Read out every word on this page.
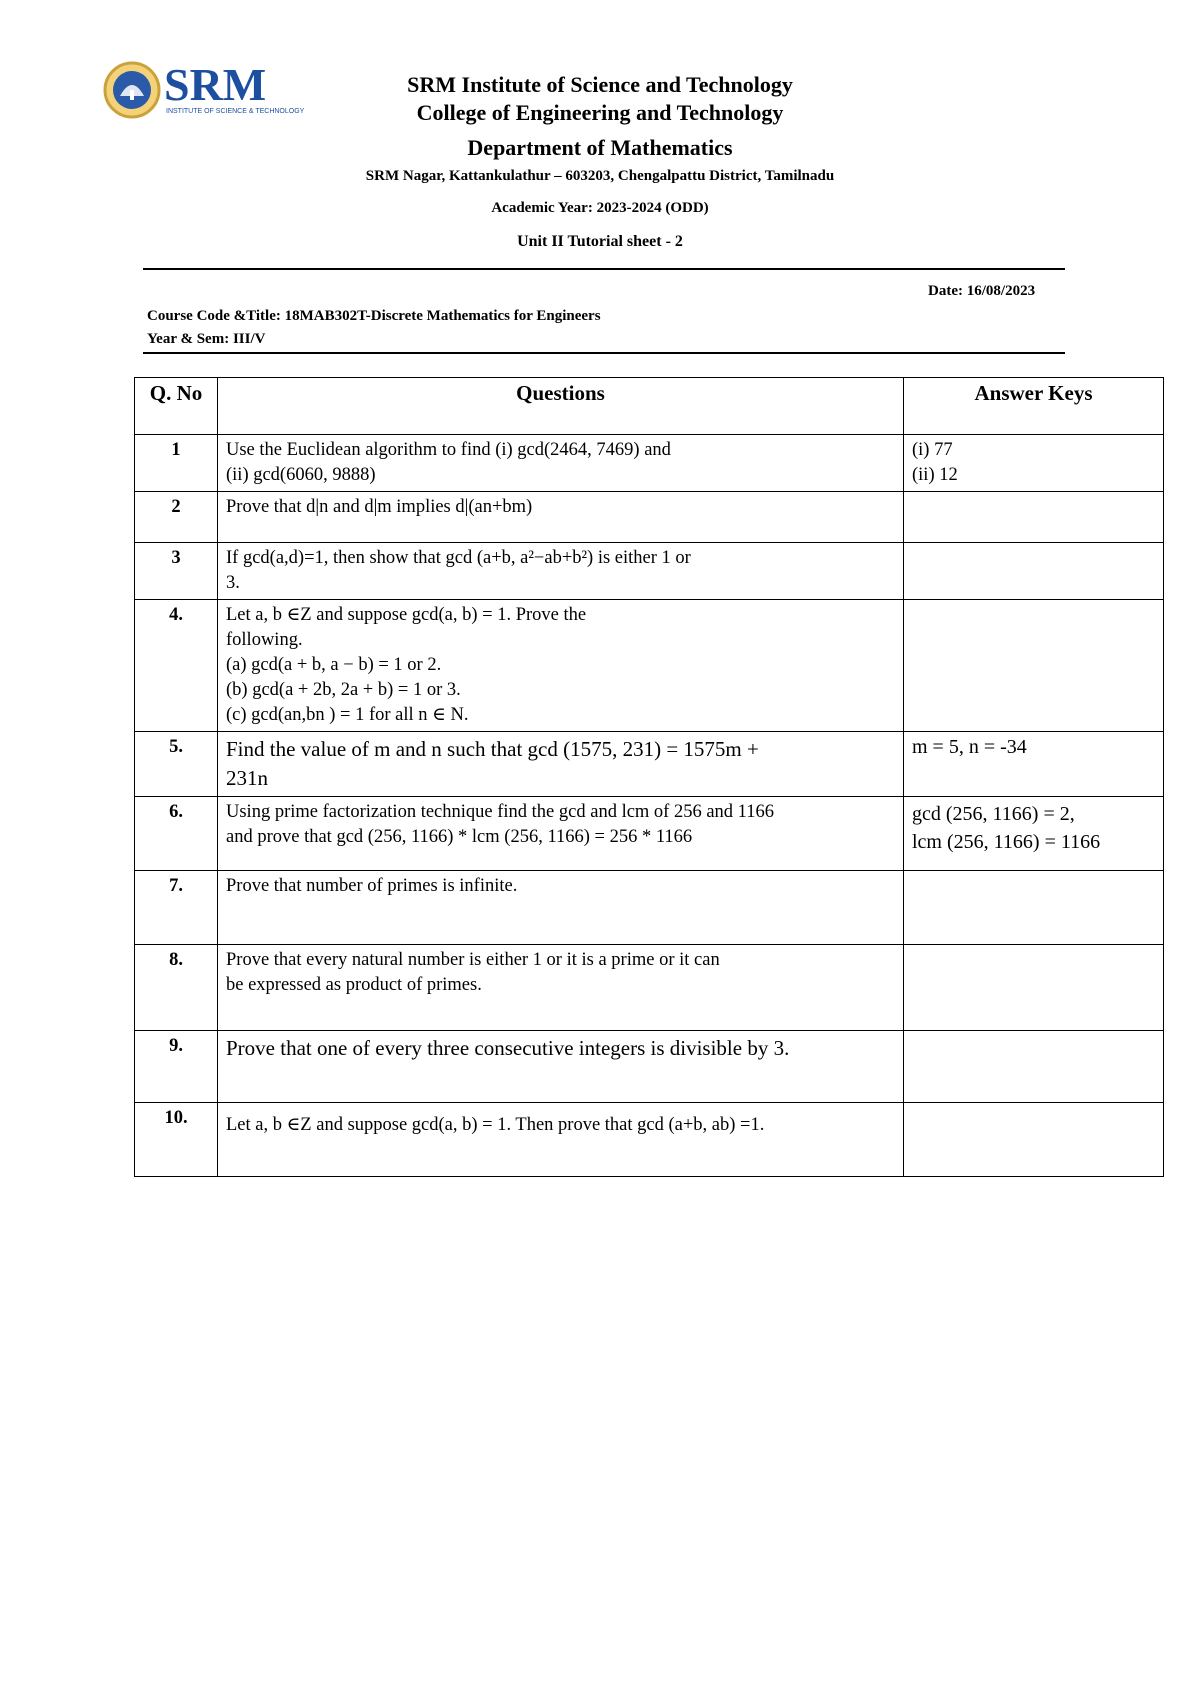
SRM
INSTITUTE OF SCIENCE & TECHNOLOGY
SRM Institute of Science and Technology
College of Engineering and Technology
Department of Mathematics
SRM Nagar, Kattankulathur – 603203, Chengalpattu District, Tamilnadu
Academic Year: 2023-2024 (ODD)
Unit II Tutorial sheet - 2
Date: 16/08/2023
Course Code &Title: 18MAB302T-Discrete Mathematics for Engineers
Year & Sem: III/V
Q. No	Questions	Answer Keys
1	Use the Euclidean algorithm to find (i) gcd(2464, 7469) and
(ii) gcd(6060, 9888)	(i) 77
(ii) 12
2	Prove that d|n and d|m implies d|(an+bm)	
3	If gcd(a,d)=1, then show that gcd (a+b, a²−ab+b²) is either 1 or
3.	
4.	Let a, b ∈Z and suppose gcd(a, b) = 1. Prove the
following.
(a) gcd(a + b, a − b) = 1 or 2.
(b) gcd(a + 2b, 2a + b) = 1 or 3.
(c) gcd(an,bn ) = 1 for all n ∈ N.	
5.	Find the value of m and n such that gcd (1575, 231) = 1575m +
231n	m = 5, n = -34
6.	Using prime factorization technique find the gcd and lcm of 256 and 1166
and prove that gcd (256, 1166) * lcm (256, 1166) = 256 * 1166	gcd (256, 1166) = 2,
lcm (256, 1166) = 1166
7.	Prove that number of primes is infinite.	
8.	Prove that every natural number is either 1 or it is a prime or it can
be expressed as product of primes.	
9.	Prove that one of every three consecutive integers is divisible by 3.	
10.	Let a, b ∈Z and suppose gcd(a, b) = 1. Then prove that gcd (a+b, ab) =1.	
